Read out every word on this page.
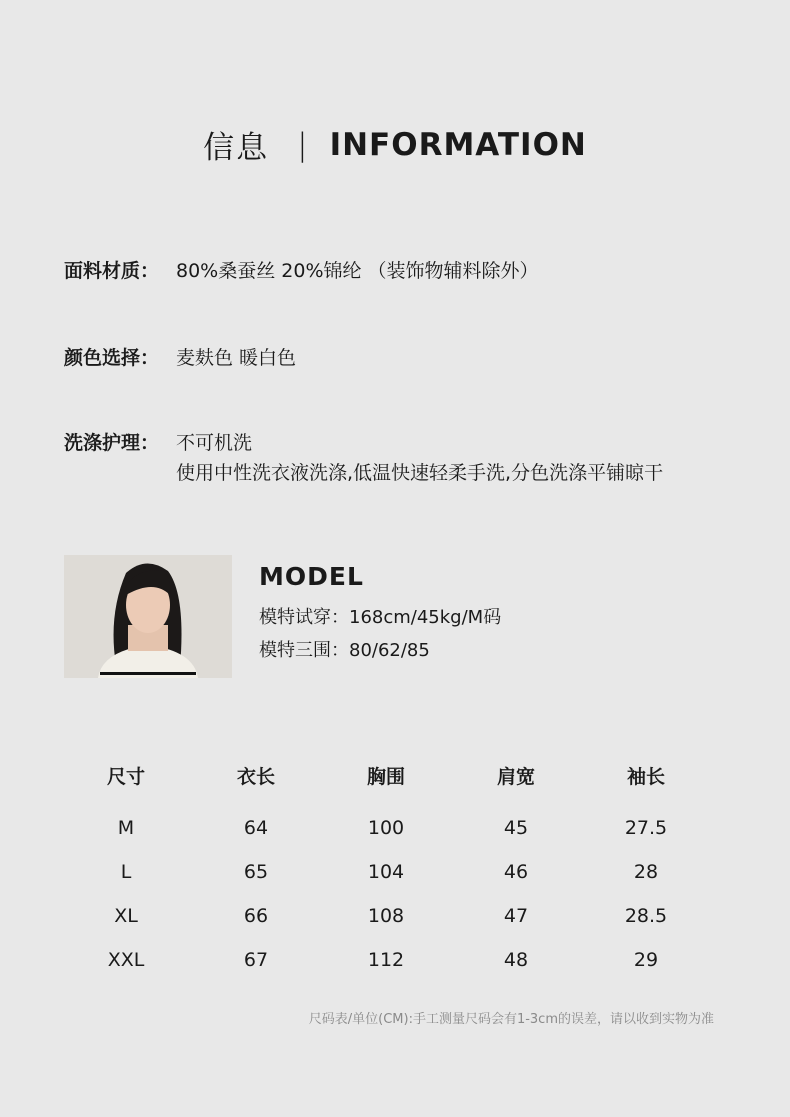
信息 | INFORMATION
面料材质： 80%桑蚕丝 20%锦纶 （装饰物辅料除外）
颜色选择： 麦麸色 暖白色
洗涤护理： 不可机洗
使用中性洗衣液洗涤,低温快速轻柔手洗,分色洗涤平铺晾干
MODEL
模特试穿：168cm/45kg/M码
模特三围：80/62/85
尺寸	衣长	胸围	肩宽	袖长
M	64	100	45	27.5
L	65	104	46	28
XL	66	108	47	28.5
XXL	67	112	48	29
尺码表/单位(CM):手工测量尺码会有1-3cm的误差，请以收到实物为准
